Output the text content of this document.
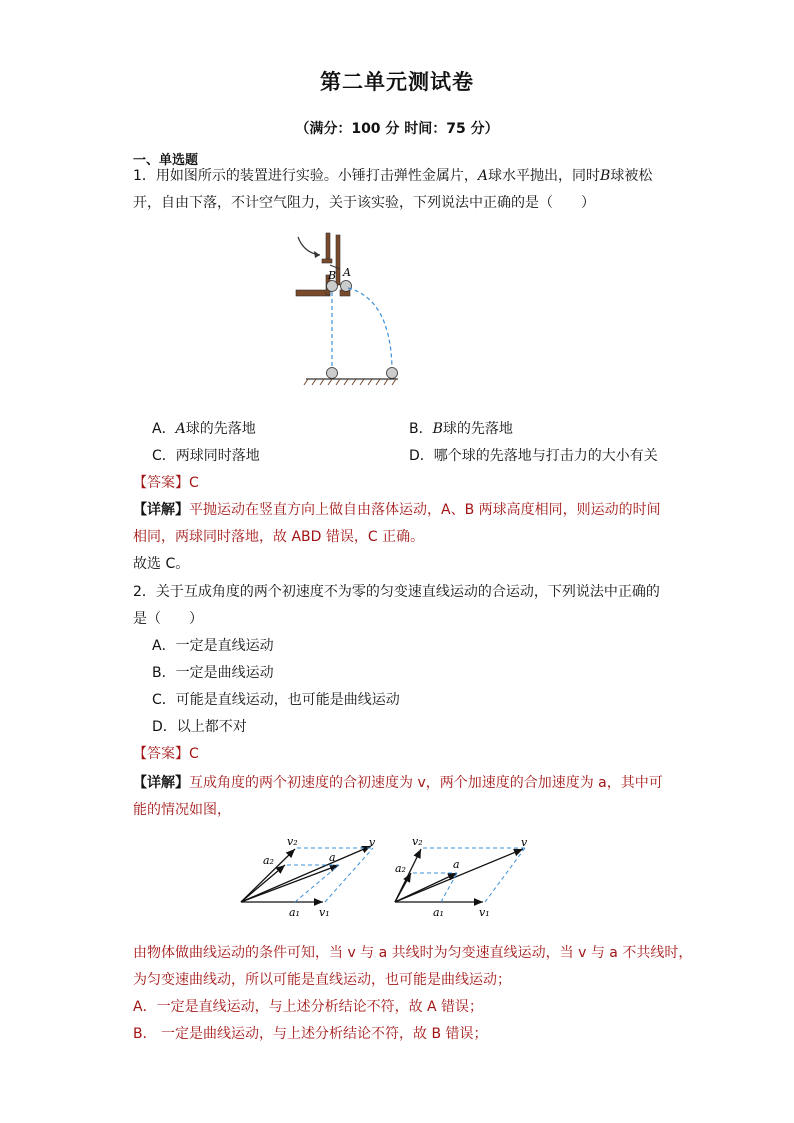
第二单元测试卷
（满分：100 分 时间：75 分）
一、单选题
1．用如图所示的装置进行实验。小锤打击弹性金属片，A球水平抛出，同时B球被松
开，自由下落，不计空气阻力，关于该实验，下列说法中正确的是（　　）
B A
A．A球的先落地	B．B球的先落地
C．两球同时落地	D．哪个球的先落地与打击力的大小有关
【答案】C
【详解】平抛运动在竖直方向上做自由落体运动，A、B 两球高度相同，则运动的时间
相同，两球同时落地，故 ABD 错误，C 正确。
故选 C。
2．关于互成角度的两个初速度不为零的匀变速直线运动的合运动，下列说法中正确的
是（　　）
A．一定是直线运动
B．一定是曲线运动
C．可能是直线运动，也可能是曲线运动
D．以上都不对
【答案】C
【详解】互成角度的两个初速度的合初速度为 v，两个加速度的合加速度为 a，其中可
能的情况如图，
v₂
a₂	a
v
a₁ v₁
v₂
a₂	a
v
a₁	v₁
由物体做曲线运动的条件可知，当 v 与 a 共线时为匀变速直线运动，当 v 与 a 不共线时，
为匀变速曲线动，所以可能是直线运动，也可能是曲线运动；
A．一定是直线运动，与上述分析结论不符，故 A 错误；
B． 一定是曲线运动，与上述分析结论不符，故 B 错误；
